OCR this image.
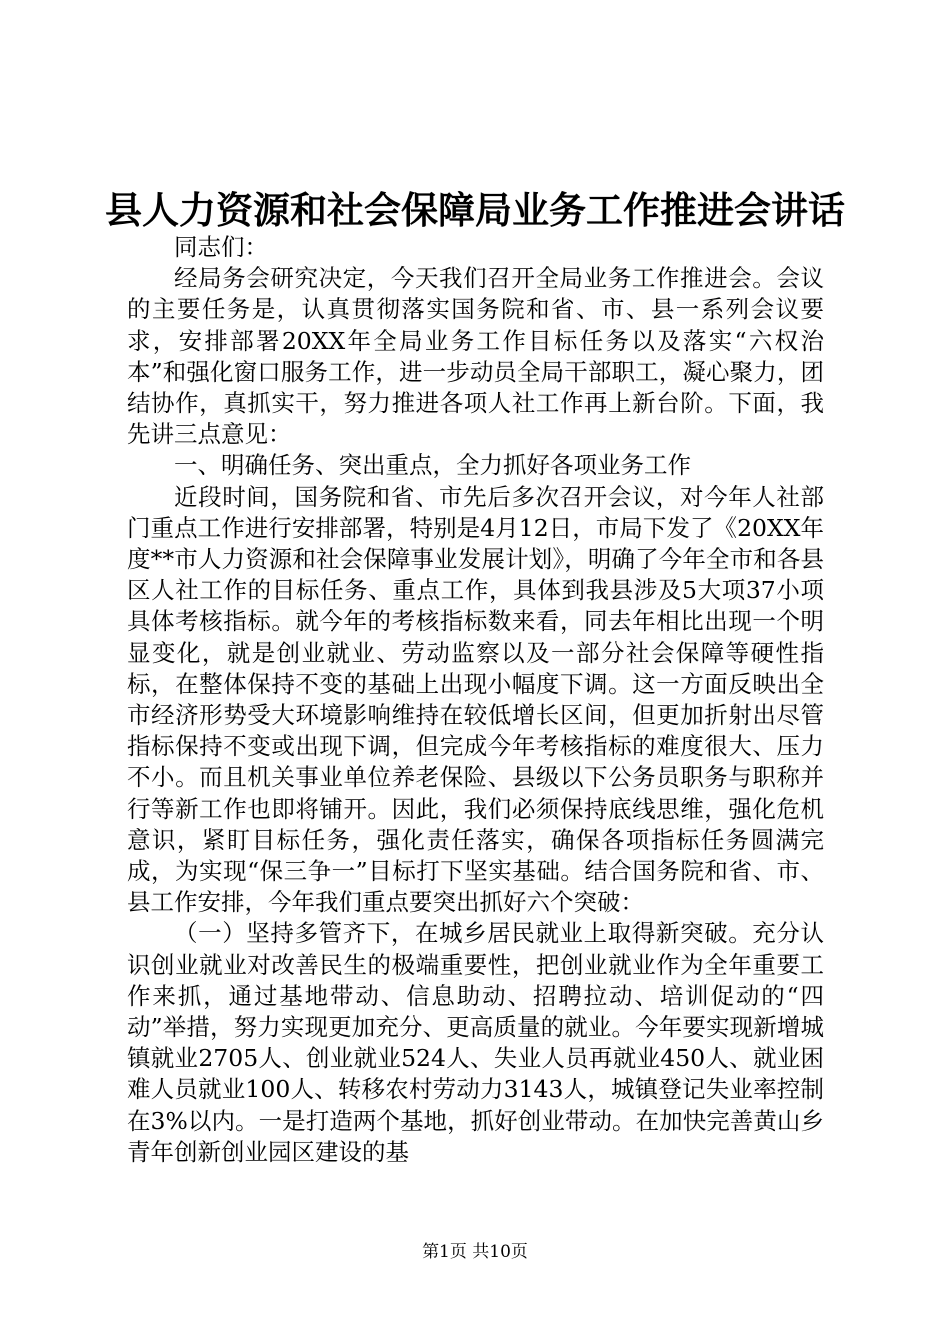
县人力资源和社会保障局业务工作推进会讲话

同志们：

经局务会研究决定，今天我们召开全局业务工作推进会。会议的主要任务是，认真贯彻落实国务院和省、市、县一系列会议要求，安排部署20XX年全局业务工作目标任务以及落实“六权治本”和强化窗口服务工作，进一步动员全局干部职工，凝心聚力，团结协作，真抓实干，努力推进各项人社工作再上新台阶。下面，我先讲三点意见：

一、明确任务、突出重点，全力抓好各项业务工作

近段时间，国务院和省、市先后多次召开会议，对今年人社部门重点工作进行安排部署，特别是4月12日，市局下发了《20XX年度**市人力资源和社会保障事业发展计划》，明确了今年全市和各县区人社工作的目标任务、重点工作，具体到我县涉及5大项37小项具体考核指标。就今年的考核指标数来看，同去年相比出现一个明显变化，就是创业就业、劳动监察以及一部分社会保障等硬性指标，在整体保持不变的基础上出现小幅度下调。这一方面反映出全市经济形势受大环境影响维持在较低增长区间，但更加折射出尽管指标保持不变或出现下调，但完成今年考核指标的难度很大、压力不小。而且机关事业单位养老保险、县级以下公务员职务与职称并行等新工作也即将铺开。因此，我们必须保持底线思维，强化危机意识，紧盯目标任务，强化责任落实，确保各项指标任务圆满完成，为实现“保三争一”目标打下坚实基础。结合国务院和省、市、县工作安排，今年我们重点要突出抓好六个突破：

（一）坚持多管齐下，在城乡居民就业上取得新突破。充分认识创业就业对改善民生的极端重要性，把创业就业作为全年重要工作来抓，通过基地带动、信息助动、招聘拉动、培训促动的“四动”举措，努力实现更加充分、更高质量的就业。今年要实现新增城镇就业2705人、创业就业524人、失业人员再就业450人、就业困难人员就业100人、转移农村劳动力3143人，城镇登记失业率控制在3%以内。一是打造两个基地，抓好创业带动。在加快完善黄山乡青年创新创业园区建设的基

第1页 共10页
